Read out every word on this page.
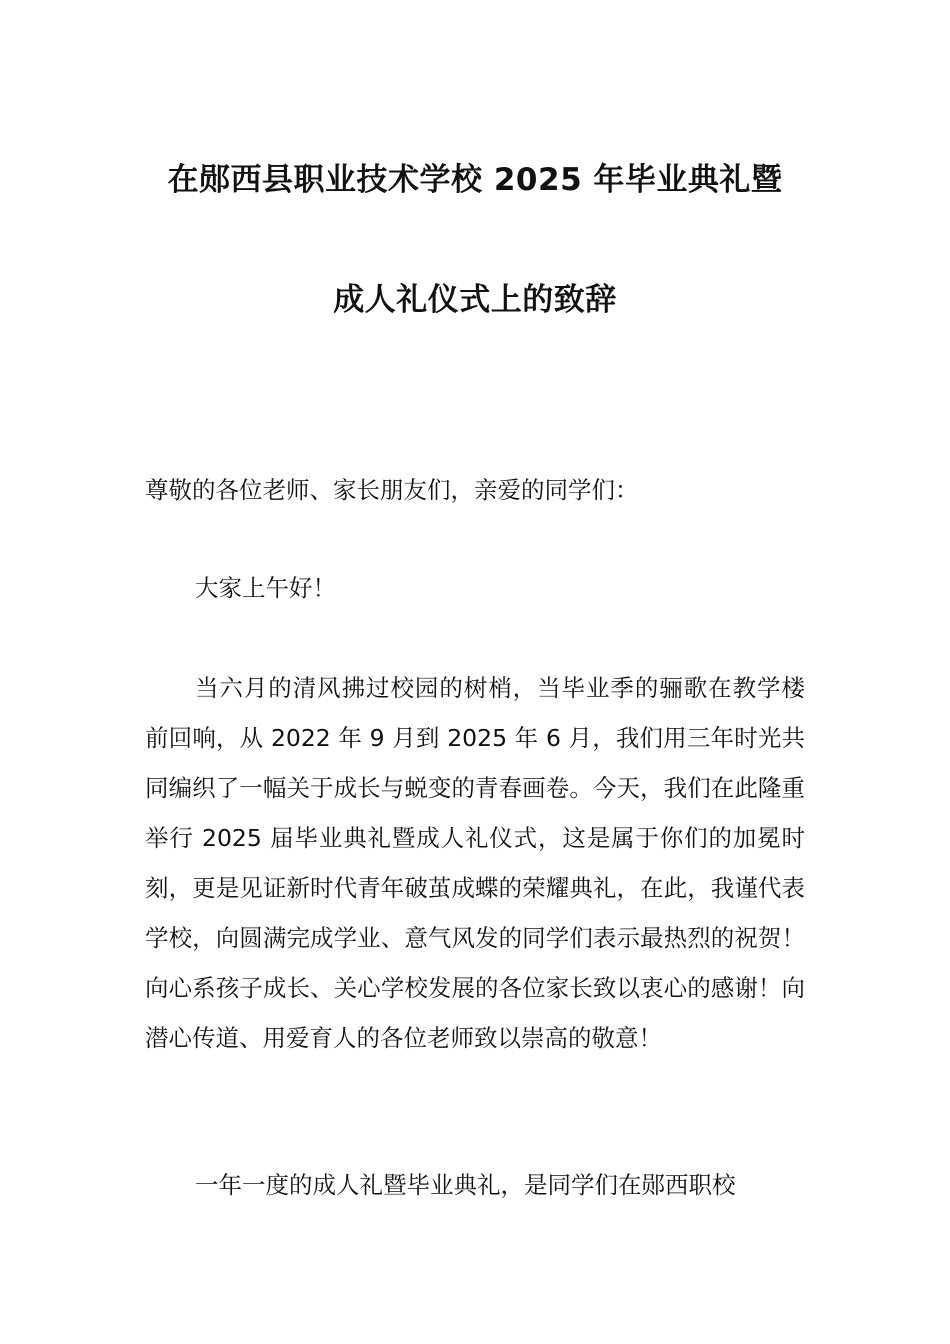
在郧西县职业技术学校 2025 年毕业典礼暨
成人礼仪式上的致辞
尊敬的各位老师、家长朋友们，亲爱的同学们：
大家上午好！
当六月的清风拂过校园的树梢，当毕业季的骊歌在教学楼前回响，从 2022 年 9 月到 2025 年 6 月，我们用三年时光共同编织了一幅关于成长与蜕变的青春画卷。今天，我们在此隆重举行 2025 届毕业典礼暨成人礼仪式，这是属于你们的加冕时刻，更是见证新时代青年破茧成蝶的荣耀典礼，在此，我谨代表学校，向圆满完成学业、意气风发的同学们表示最热烈的祝贺！向心系孩子成长、关心学校发展的各位家长致以衷心的感谢！向潜心传道、用爱育人的各位老师致以崇高的敬意！
一年一度的成人礼暨毕业典礼，是同学们在郧西职校
